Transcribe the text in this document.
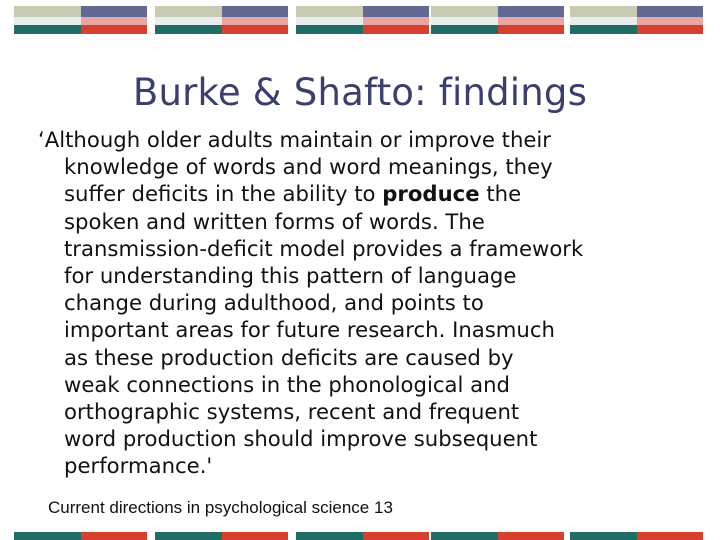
Burke & Shafto: findings

‘Although older adults maintain or improve their
knowledge of words and word meanings, they
suffer deficits in the ability to produce the
spoken and written forms of words. The
transmission-deficit model provides a framework
for understanding this pattern of language
change during adulthood, and points to
important areas for future research. Inasmuch
as these production deficits are caused by
weak connections in the phonological and
orthographic systems, recent and frequent
word production should improve subsequent
performance.'

Current directions in psychological science 13
